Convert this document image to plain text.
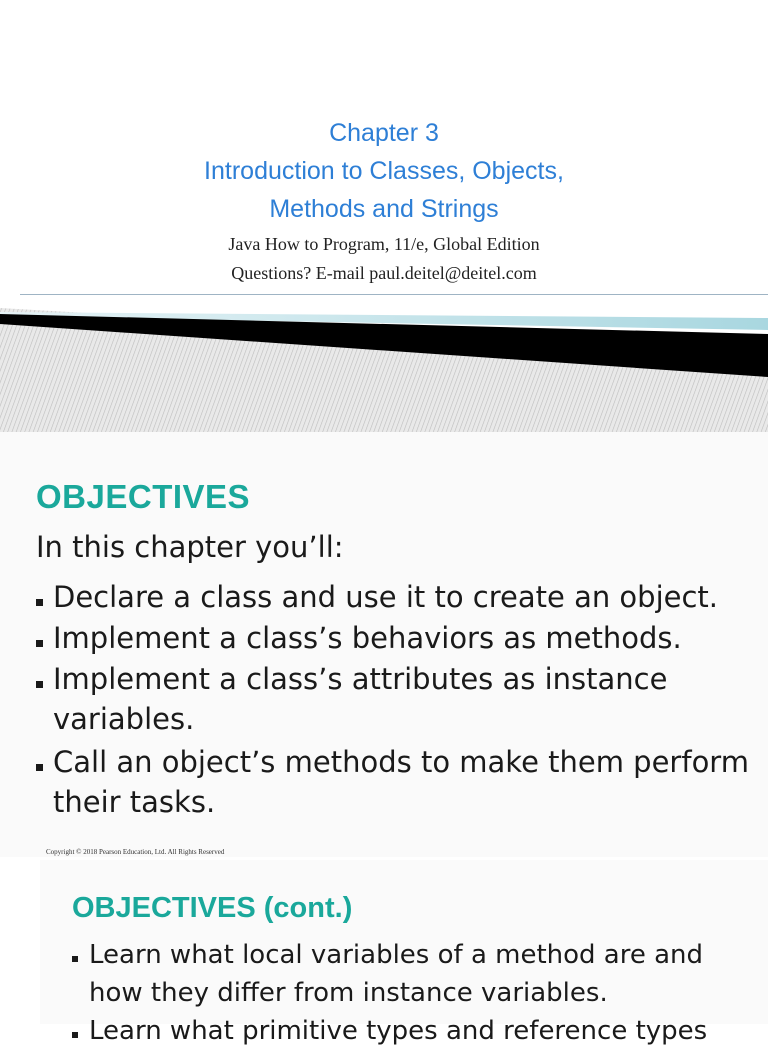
Chapter 3
Introduction to Classes, Objects,
Methods and Strings
Java How to Program, 11/e, Global Edition
Questions? E-mail paul.deitel@deitel.com
OBJECTIVES
In this chapter you’ll:
Declare a class and use it to create an object.
Implement a class’s behaviors as methods.
Implement a class’s attributes as instance variables.
Call an object’s methods to make them perform their tasks.
Copyright © 2018 Pearson Education, Ltd. All Rights Reserved
OBJECTIVES (cont.)
Learn what local variables of a method are and how they differ from instance variables.
Learn what primitive types and reference types
